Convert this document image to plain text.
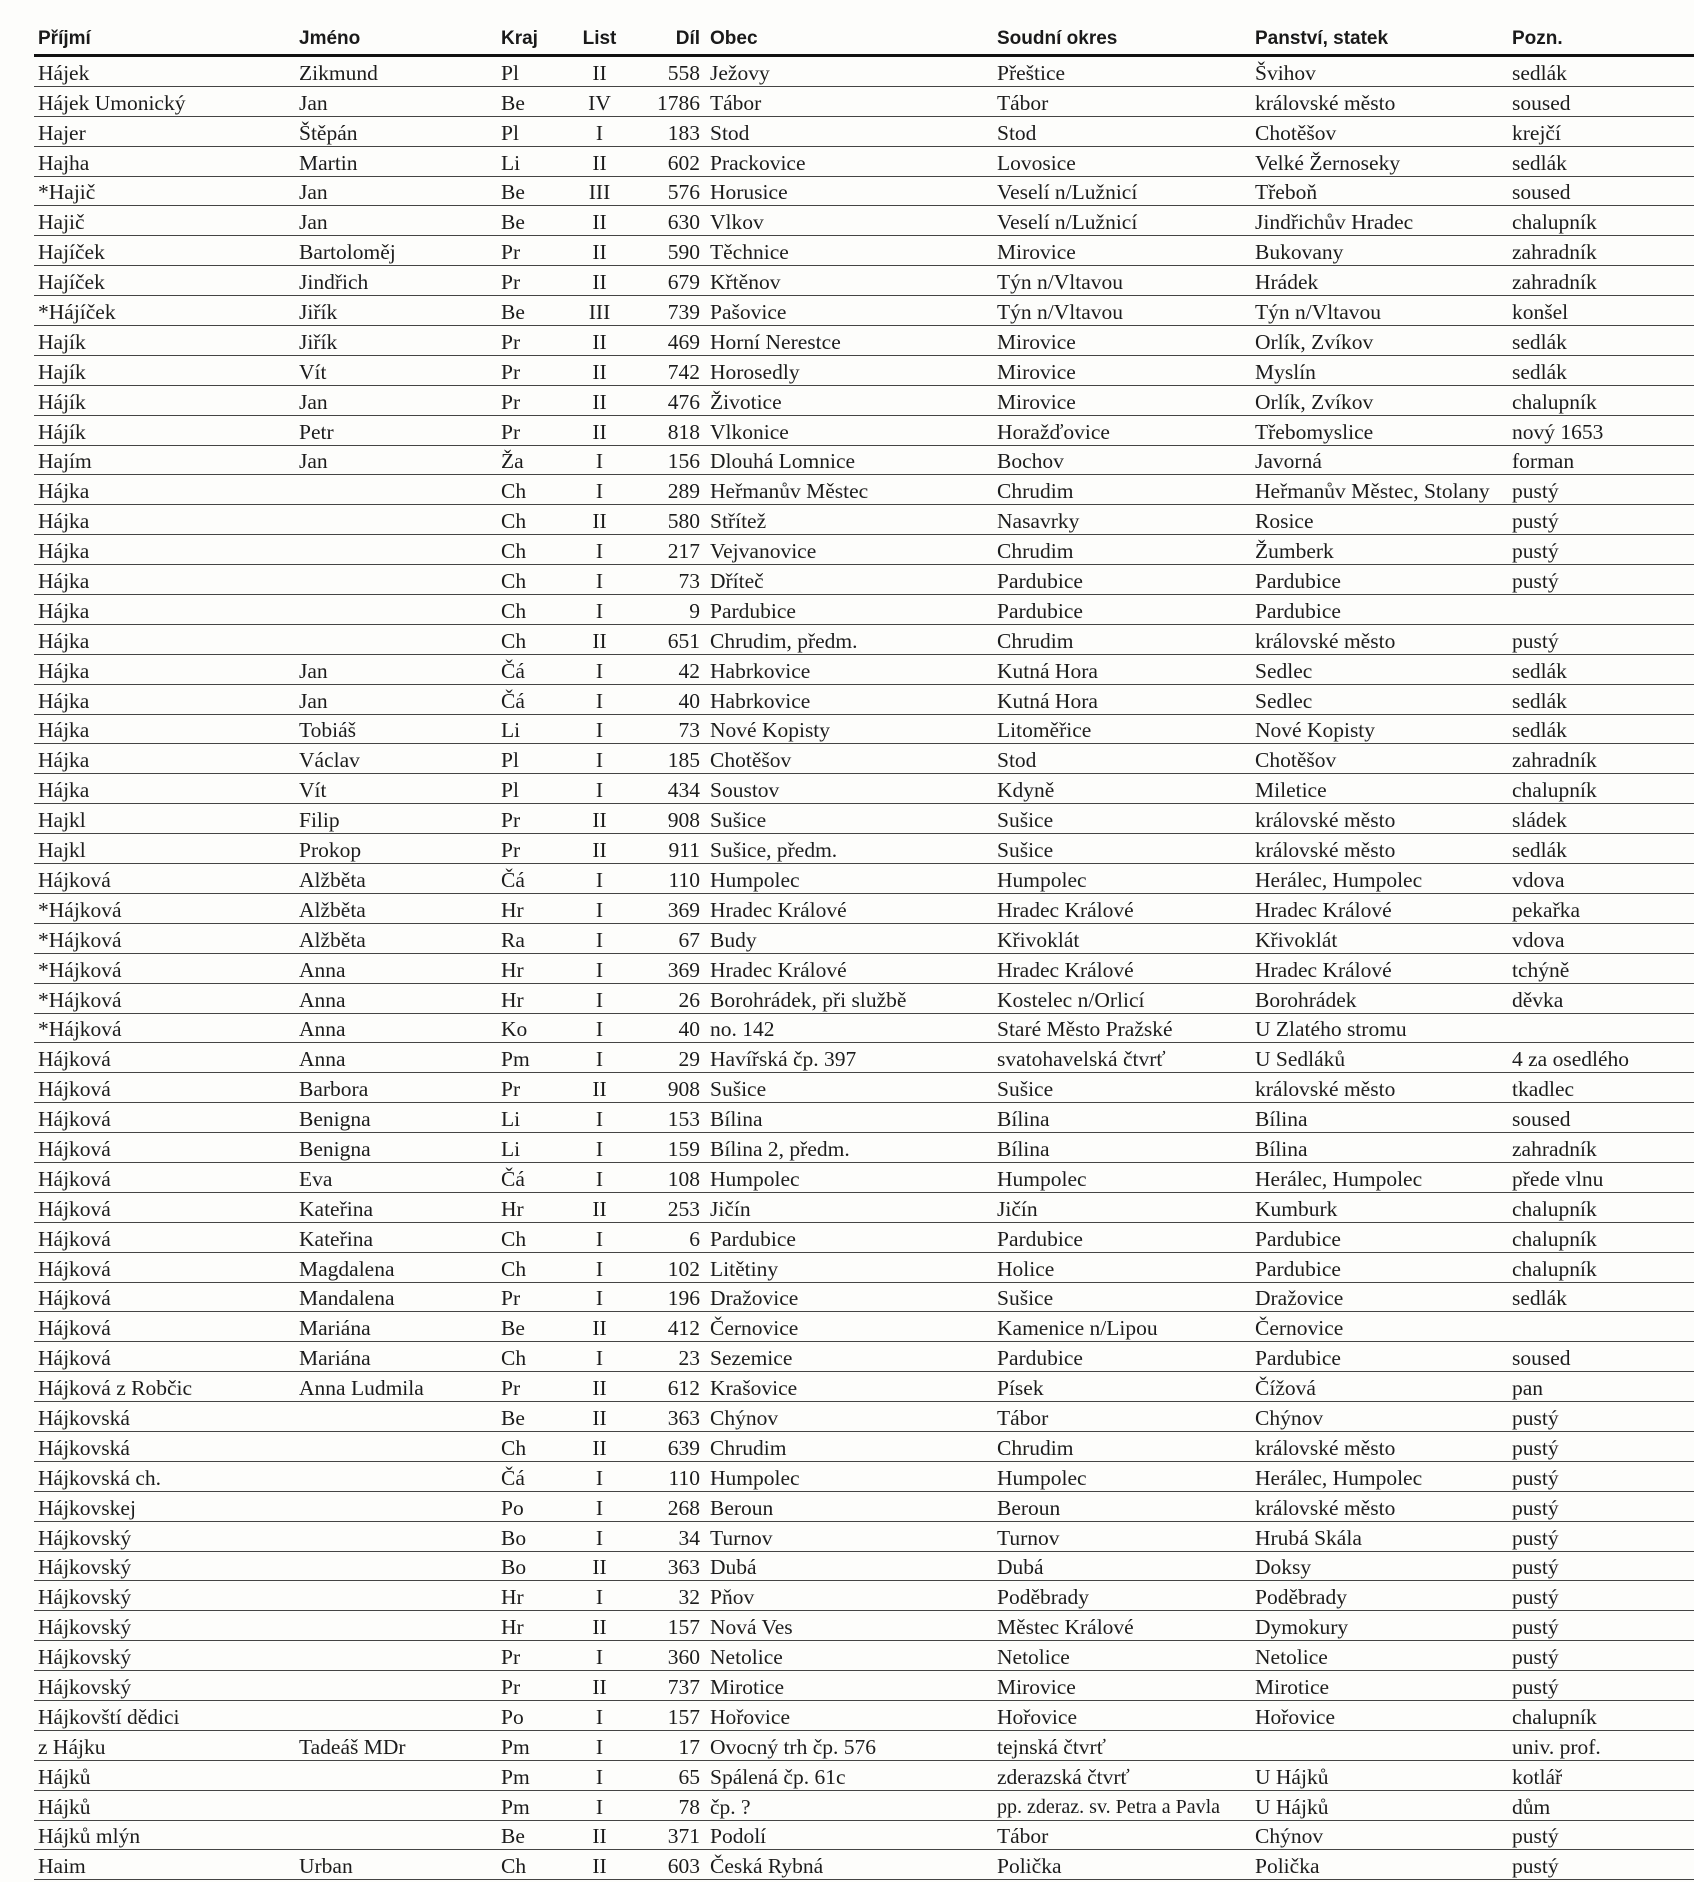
Příjmí	Jméno	Kraj	List	Díl	Obec	Soudní okres	Panství, statek	Pozn.
Hájek	Zikmund	Pl	II	558	Ježovy	Přeštice	Švihov	sedlák
Hájek Umonický	Jan	Be	IV	1786	Tábor	Tábor	královské město	soused
Hajer	Štěpán	Pl	I	183	Stod	Stod	Chotěšov	krejčí
Hajha	Martin	Li	II	602	Prackovice	Lovosice	Velké Žernoseky	sedlák
*Hajič	Jan	Be	III	576	Horusice	Veselí n/Lužnicí	Třeboň	soused
Hajič	Jan	Be	II	630	Vlkov	Veselí n/Lužnicí	Jindřichův Hradec	chalupník
Hajíček	Bartoloměj	Pr	II	590	Těchnice	Mirovice	Bukovany	zahradník
Hajíček	Jindřich	Pr	II	679	Křtěnov	Týn n/Vltavou	Hrádek	zahradník
*Hájíček	Jiřík	Be	III	739	Pašovice	Týn n/Vltavou	Týn n/Vltavou	konšel
Hajík	Jiřík	Pr	II	469	Horní Nerestce	Mirovice	Orlík, Zvíkov	sedlák
Hajík	Vít	Pr	II	742	Horosedly	Mirovice	Myslín	sedlák
Hájík	Jan	Pr	II	476	Životice	Mirovice	Orlík, Zvíkov	chalupník
Hájík	Petr	Pr	II	818	Vlkonice	Horažďovice	Třebomyslice	nový 1653
Hajím	Jan	Ža	I	156	Dlouhá Lomnice	Bochov	Javorná	forman
Hájka		Ch	I	289	Heřmanův Městec	Chrudim	Heřmanův Městec, Stolany	pustý
Hájka		Ch	II	580	Střítež	Nasavrky	Rosice	pustý
Hájka		Ch	I	217	Vejvanovice	Chrudim	Žumberk	pustý
Hájka		Ch	I	73	Dříteč	Pardubice	Pardubice	pustý
Hájka		Ch	I	9	Pardubice	Pardubice	Pardubice	
Hájka		Ch	II	651	Chrudim, předm.	Chrudim	královské město	pustý
Hájka	Jan	Čá	I	42	Habrkovice	Kutná Hora	Sedlec	sedlák
Hájka	Jan	Čá	I	40	Habrkovice	Kutná Hora	Sedlec	sedlák
Hájka	Tobiáš	Li	I	73	Nové Kopisty	Litoměřice	Nové Kopisty	sedlák
Hájka	Václav	Pl	I	185	Chotěšov	Stod	Chotěšov	zahradník
Hájka	Vít	Pl	I	434	Soustov	Kdyně	Miletice	chalupník
Hajkl	Filip	Pr	II	908	Sušice	Sušice	královské město	sládek
Hajkl	Prokop	Pr	II	911	Sušice, předm.	Sušice	královské město	sedlák
Hájková	Alžběta	Čá	I	110	Humpolec	Humpolec	Herálec, Humpolec	vdova
*Hájková	Alžběta	Hr	I	369	Hradec Králové	Hradec Králové	Hradec Králové	pekařka
*Hájková	Alžběta	Ra	I	67	Budy	Křivoklát	Křivoklát	vdova
*Hájková	Anna	Hr	I	369	Hradec Králové	Hradec Králové	Hradec Králové	tchýně
*Hájková	Anna	Hr	I	26	Borohrádek, při službě	Kostelec n/Orlicí	Borohrádek	děvka
*Hájková	Anna	Ko	I	40	no. 142	Staré Město Pražské	U Zlatého stromu	
Hájková	Anna	Pm	I	29	Havířská čp. 397	svatohavelská čtvrť	U Sedláků	4 za osedlého
Hájková	Barbora	Pr	II	908	Sušice	Sušice	královské město	tkadlec
Hájková	Benigna	Li	I	153	Bílina	Bílina	Bílina	soused
Hájková	Benigna	Li	I	159	Bílina 2, předm.	Bílina	Bílina	zahradník
Hájková	Eva	Čá	I	108	Humpolec	Humpolec	Herálec, Humpolec	přede vlnu
Hájková	Kateřina	Hr	II	253	Jičín	Jičín	Kumburk	chalupník
Hájková	Kateřina	Ch	I	6	Pardubice	Pardubice	Pardubice	chalupník
Hájková	Magdalena	Ch	I	102	Litětiny	Holice	Pardubice	chalupník
Hájková	Mandalena	Pr	I	196	Dražovice	Sušice	Dražovice	sedlák
Hájková	Mariána	Be	II	412	Černovice	Kamenice n/Lipou	Černovice	
Hájková	Mariána	Ch	I	23	Sezemice	Pardubice	Pardubice	soused
Hájková z Robčic	Anna Ludmila	Pr	II	612	Krašovice	Písek	Čížová	pan
Hájkovská		Be	II	363	Chýnov	Tábor	Chýnov	pustý
Hájkovská		Ch	II	639	Chrudim	Chrudim	královské město	pustý
Hájkovská ch.		Čá	I	110	Humpolec	Humpolec	Herálec, Humpolec	pustý
Hájkovskej		Po	I	268	Beroun	Beroun	královské město	pustý
Hájkovský		Bo	I	34	Turnov	Turnov	Hrubá Skála	pustý
Hájkovský		Bo	II	363	Dubá	Dubá	Doksy	pustý
Hájkovský		Hr	I	32	Pňov	Poděbrady	Poděbrady	pustý
Hájkovský		Hr	II	157	Nová Ves	Městec Králové	Dymokury	pustý
Hájkovský		Pr	I	360	Netolice	Netolice	Netolice	pustý
Hájkovský		Pr	II	737	Mirotice	Mirovice	Mirotice	pustý
Hájkovští dědici		Po	I	157	Hořovice	Hořovice	Hořovice	chalupník
z Hájku	Tadeáš MDr	Pm	I	17	Ovocný trh čp. 576	tejnská čtvrť		univ. prof.
Hájků		Pm	I	65	Spálená čp. 61c	zderazská čtvrť	U Hájků	kotlář
Hájků		Pm	I	78	čp. ?	pp. zderaz. sv. Petra a Pavla	U Hájků	dům
Hájků mlýn		Be	II	371	Podolí	Tábor	Chýnov	pustý
Haim	Urban	Ch	II	603	Česká Rybná	Polička	Polička	pustý
